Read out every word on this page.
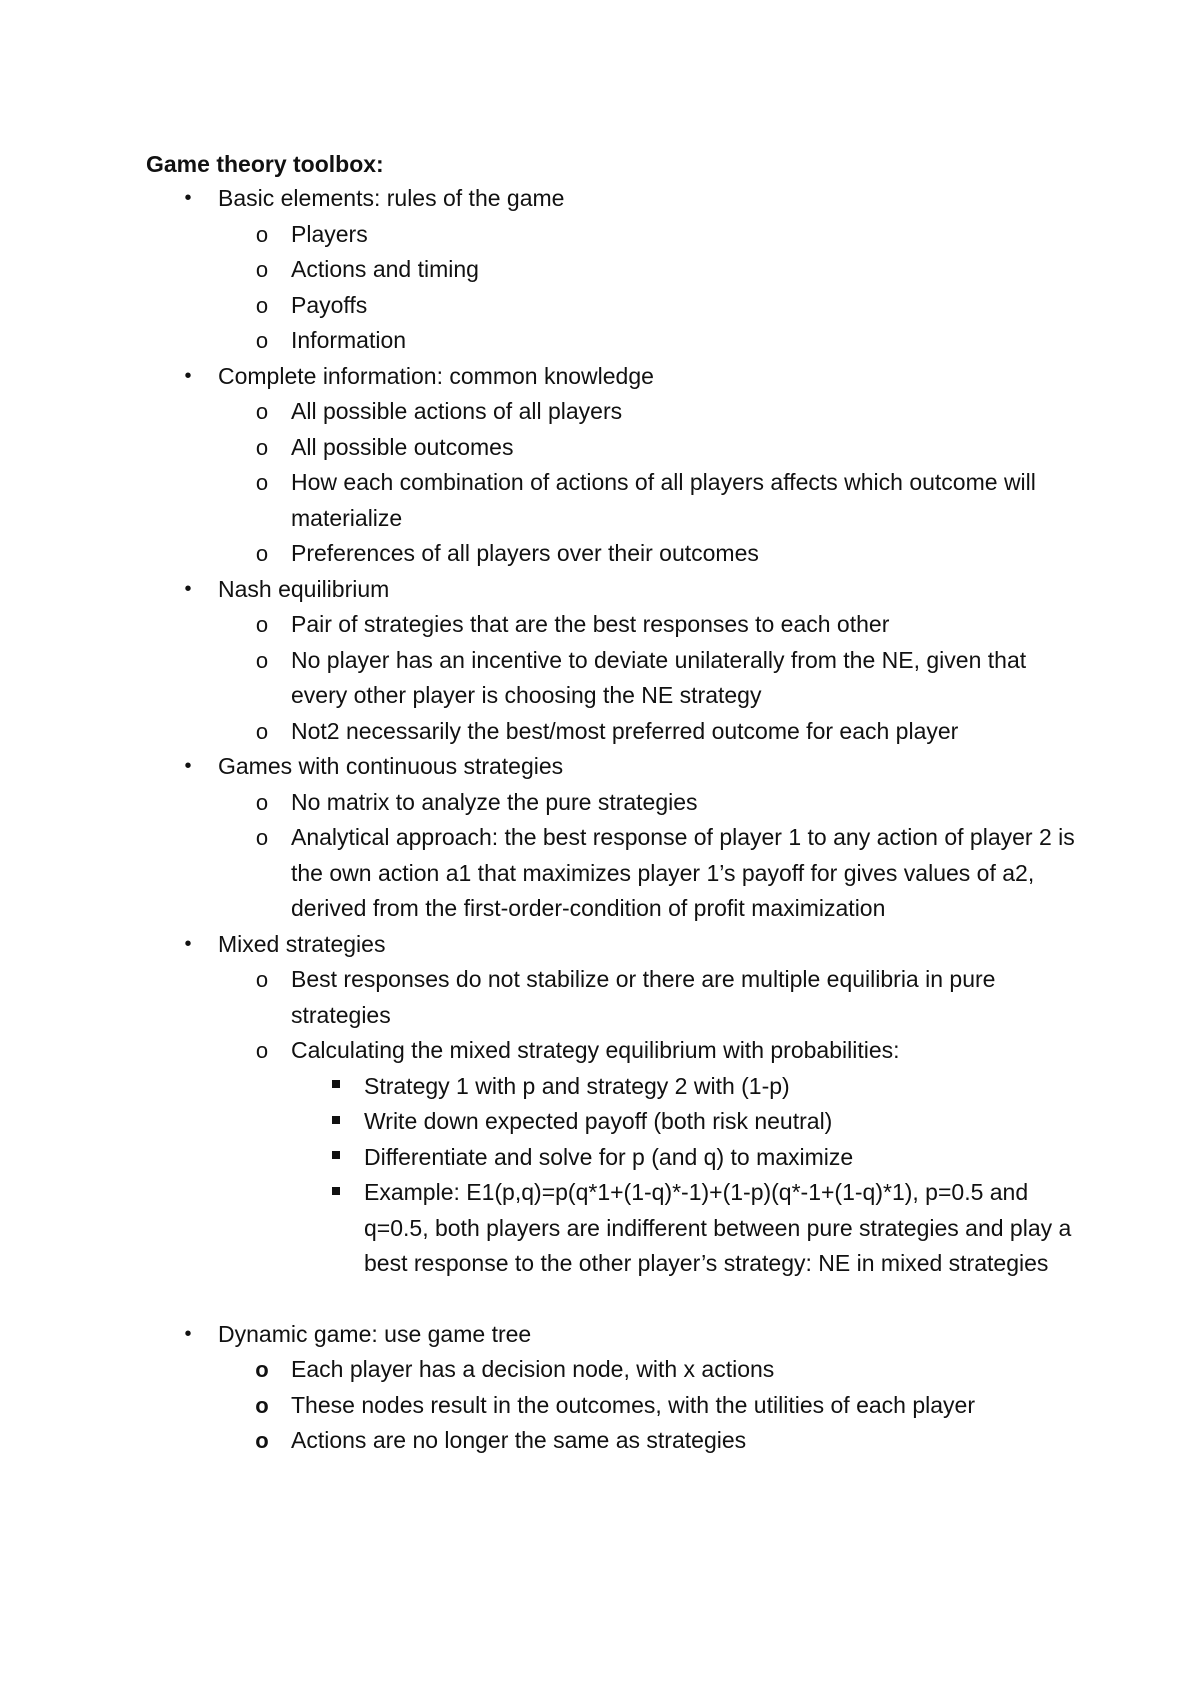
Game theory toolbox:
• Basic elements: rules of the game
o Players
o Actions and timing
o Payoffs
o Information
• Complete information: common knowledge
o All possible actions of all players
o All possible outcomes
o How each combination of actions of all players affects which outcome will materialize
o Preferences of all players over their outcomes
• Nash equilibrium
o Pair of strategies that are the best responses to each other
o No player has an incentive to deviate unilaterally from the NE, given that every other player is choosing the NE strategy
o Not2 necessarily the best/most preferred outcome for each player
• Games with continuous strategies
o No matrix to analyze the pure strategies
o Analytical approach: the best response of player 1 to any action of player 2 is the own action a1 that maximizes player 1’s payoff for gives values of a2, derived from the first-order-condition of profit maximization
• Mixed strategies
o Best responses do not stabilize or there are multiple equilibria in pure strategies
o Calculating the mixed strategy equilibrium with probabilities:
Strategy 1 with p and strategy 2 with (1-p)
Write down expected payoff (both risk neutral)
Differentiate and solve for p (and q) to maximize
Example: E1(p,q)=p(q*1+(1-q)*-1)+(1-p)(q*-1+(1-q)*1), p=0.5 and q=0.5, both players are indifferent between pure strategies and play a best response to the other player’s strategy: NE in mixed strategies
• Dynamic game: use game tree
o Each player has a decision node, with x actions
o These nodes result in the outcomes, with the utilities of each player
o Actions are no longer the same as strategies
